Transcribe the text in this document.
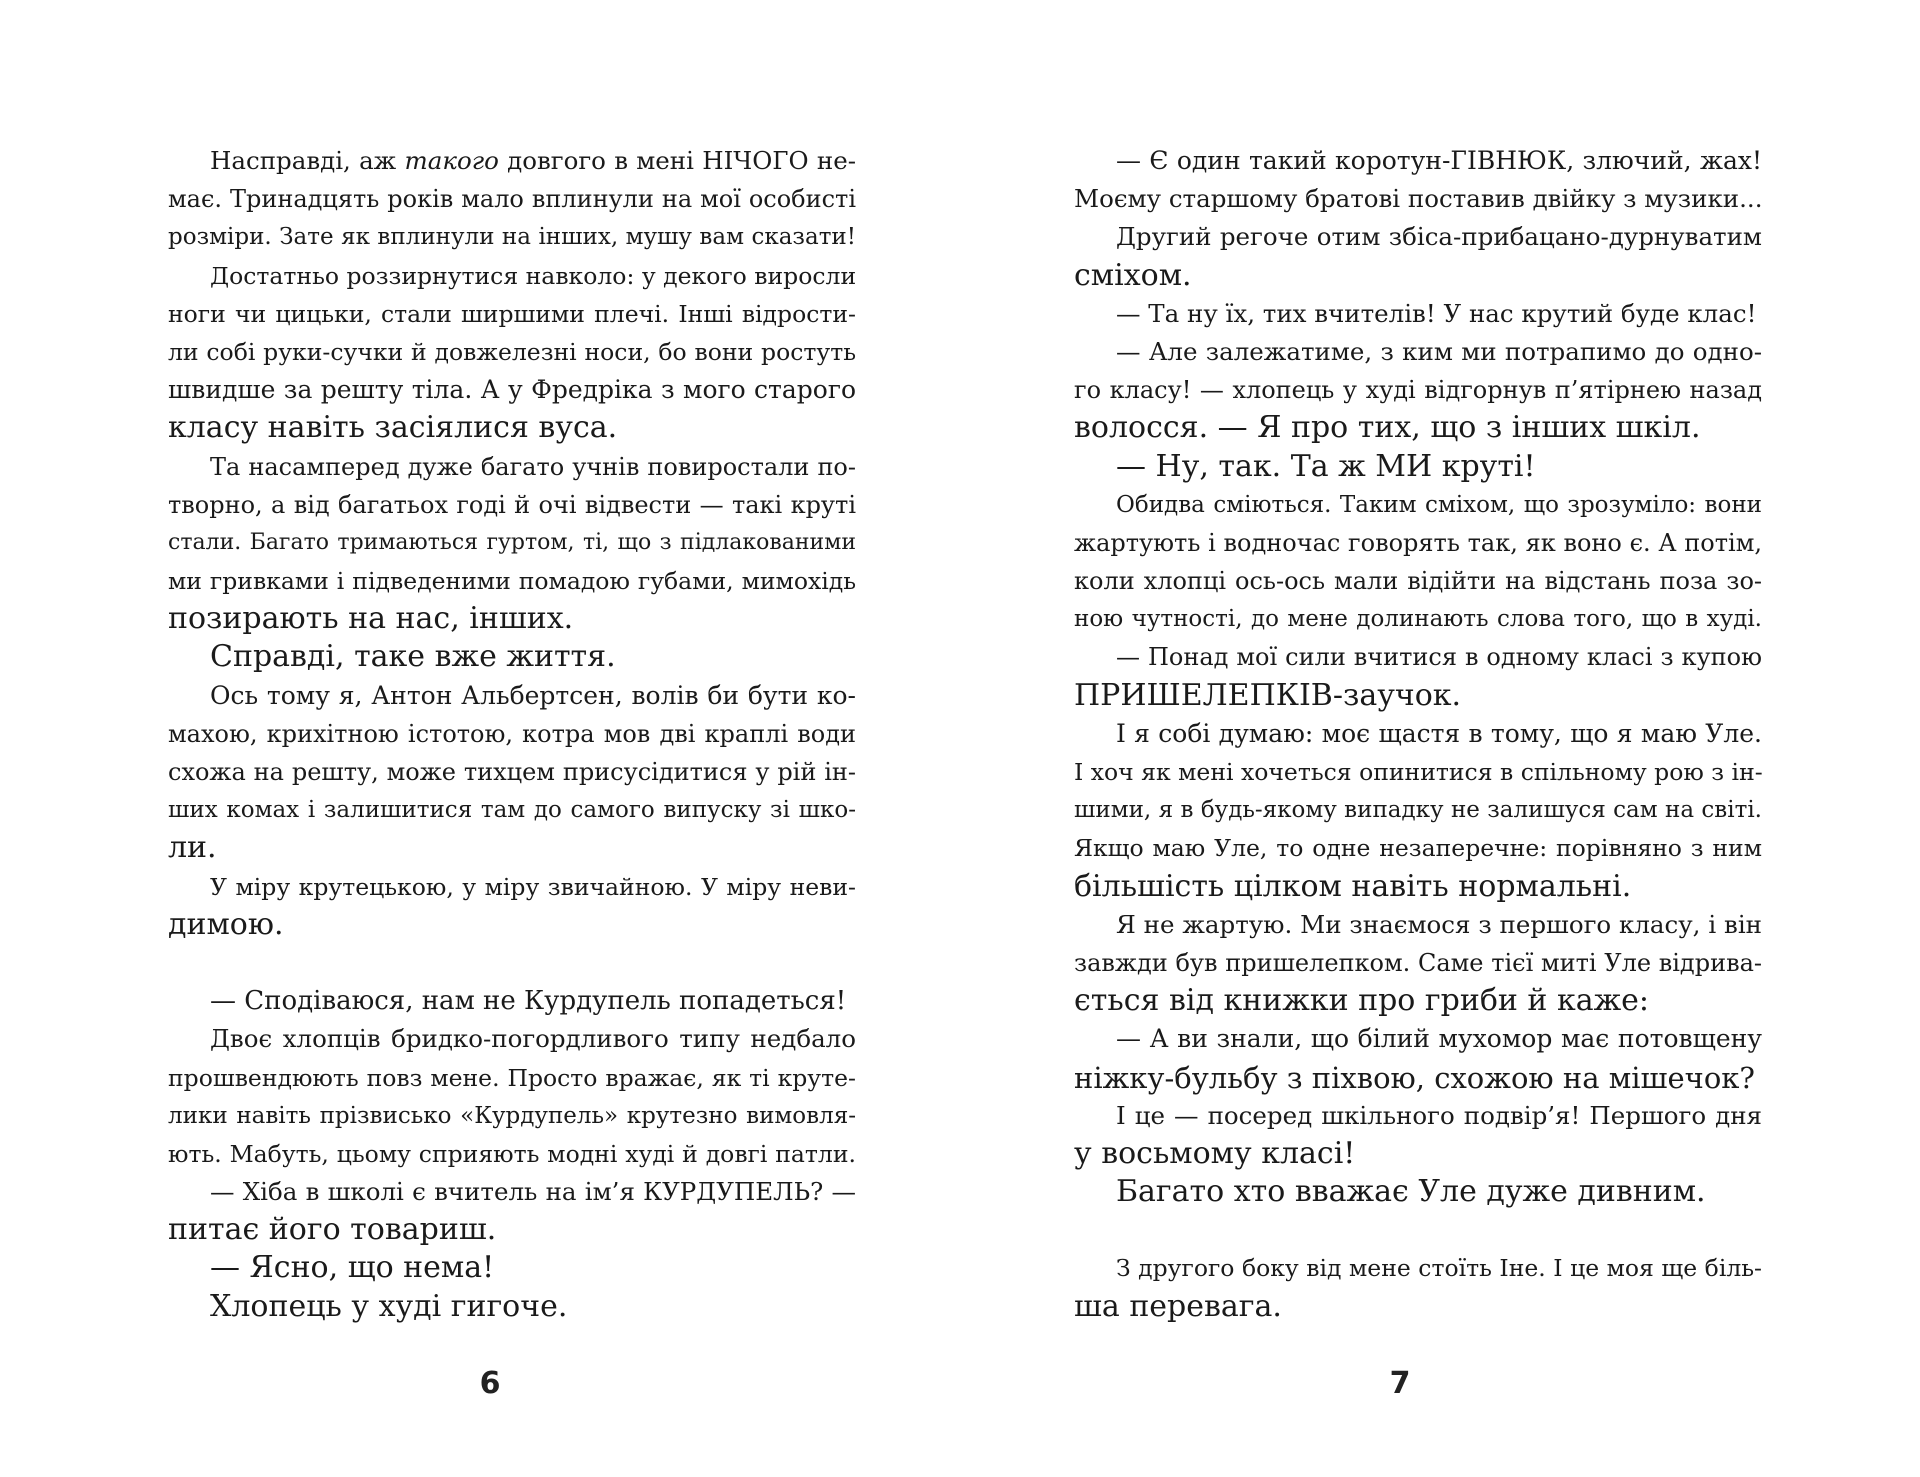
Насправді, аж такого довгого в мені НІЧОГО не-
має. Тринадцять років мало вплинули на мої особисті
розміри. Зате як вплинули на інших, мушу вам сказати!
Достатньо роззирнутися навколо: у декого виросли
ноги чи цицьки, стали ширшими плечі. Інші відрости-
ли собі руки-сучки й довжелезні носи, бо вони ростуть
швидше за решту тіла. А у Фредріка з мого старого
класу навіть засіялися вуса.
Та насамперед дуже багато учнів повиростали по-
творно, а від багатьох годі й очі відвести — такі круті
стали. Багато тримаються гуртом, ті, що з підлакованими
ми гривками і підведеними помадою губами, мимохідь
позирають на нас, інших.
Справді, таке вже життя.
Ось тому я, Антон Альбертсен, волів би бути ко-
махою, крихітною істотою, котра мов дві краплі води
схожа на решту, може тихцем присусідитися у рій ін-
ших комах і залишитися там до самого випуску зі шко-
ли.
У міру крутецькою, у міру звичайною. У міру неви-
димою.
— Сподіваюся, нам не Курдупель попадеться!
Двоє хлопців бридко-погордливого типу недбало
прошвендюють повз мене. Просто вражає, як ті круте-
лики навіть прізвисько «Курдупель» крутезно вимовля-
ють. Мабуть, цьому сприяють модні худі й довгі патли.
— Хіба в школі є вчитель на ім’я КУРДУПЕЛЬ? —
питає його товариш.
— Ясно, що нема!
Хлопець у худі гигоче.
6
— Є один такий коротун-ГІВНЮК, злючий, жах!
Моєму старшому братові поставив двійку з музики...
Другий регоче отим збіса-прибацано-дурнуватим
сміхом.
— Та ну їх, тих вчителів! У нас крутий буде клас!
— Але залежатиме, з ким ми потрапимо до одно-
го класу! — хлопець у худі відгорнув п’ятірнею назад
волосся. — Я про тих, що з інших шкіл.
— Ну, так. Та ж МИ круті!
Обидва сміються. Таким сміхом, що зрозуміло: вони
жартують і водночас говорять так, як воно є. А потім,
коли хлопці ось-ось мали відійти на відстань поза зо-
ною чутності, до мене долинають слова того, що в худі.
— Понад мої сили вчитися в одному класі з купою
ПРИШЕЛЕПКІВ-заучок.
І я собі думаю: моє щастя в тому, що я маю Уле.
І хоч як мені хочеться опинитися в спільному рою з ін-
шими, я в будь-якому випадку не залишуся сам на світі.
Якщо маю Уле, то одне незаперечне: порівняно з ним
більшість цілком навіть нормальні.
Я не жартую. Ми знаємося з першого класу, і він
завжди був пришелепком. Саме тієї миті Уле відрива-
ється від книжки про гриби й каже:
— А ви знали, що білий мухомор має потовщену
ніжку-бульбу з піхвою, схожою на мішечок?
І це — посеред шкільного подвір’я! Першого дня
у восьмому класі!
Багато хто вважає Уле дуже дивним.
З другого боку від мене стоїть Іне. І це моя ще біль-
ша перевага.
7
